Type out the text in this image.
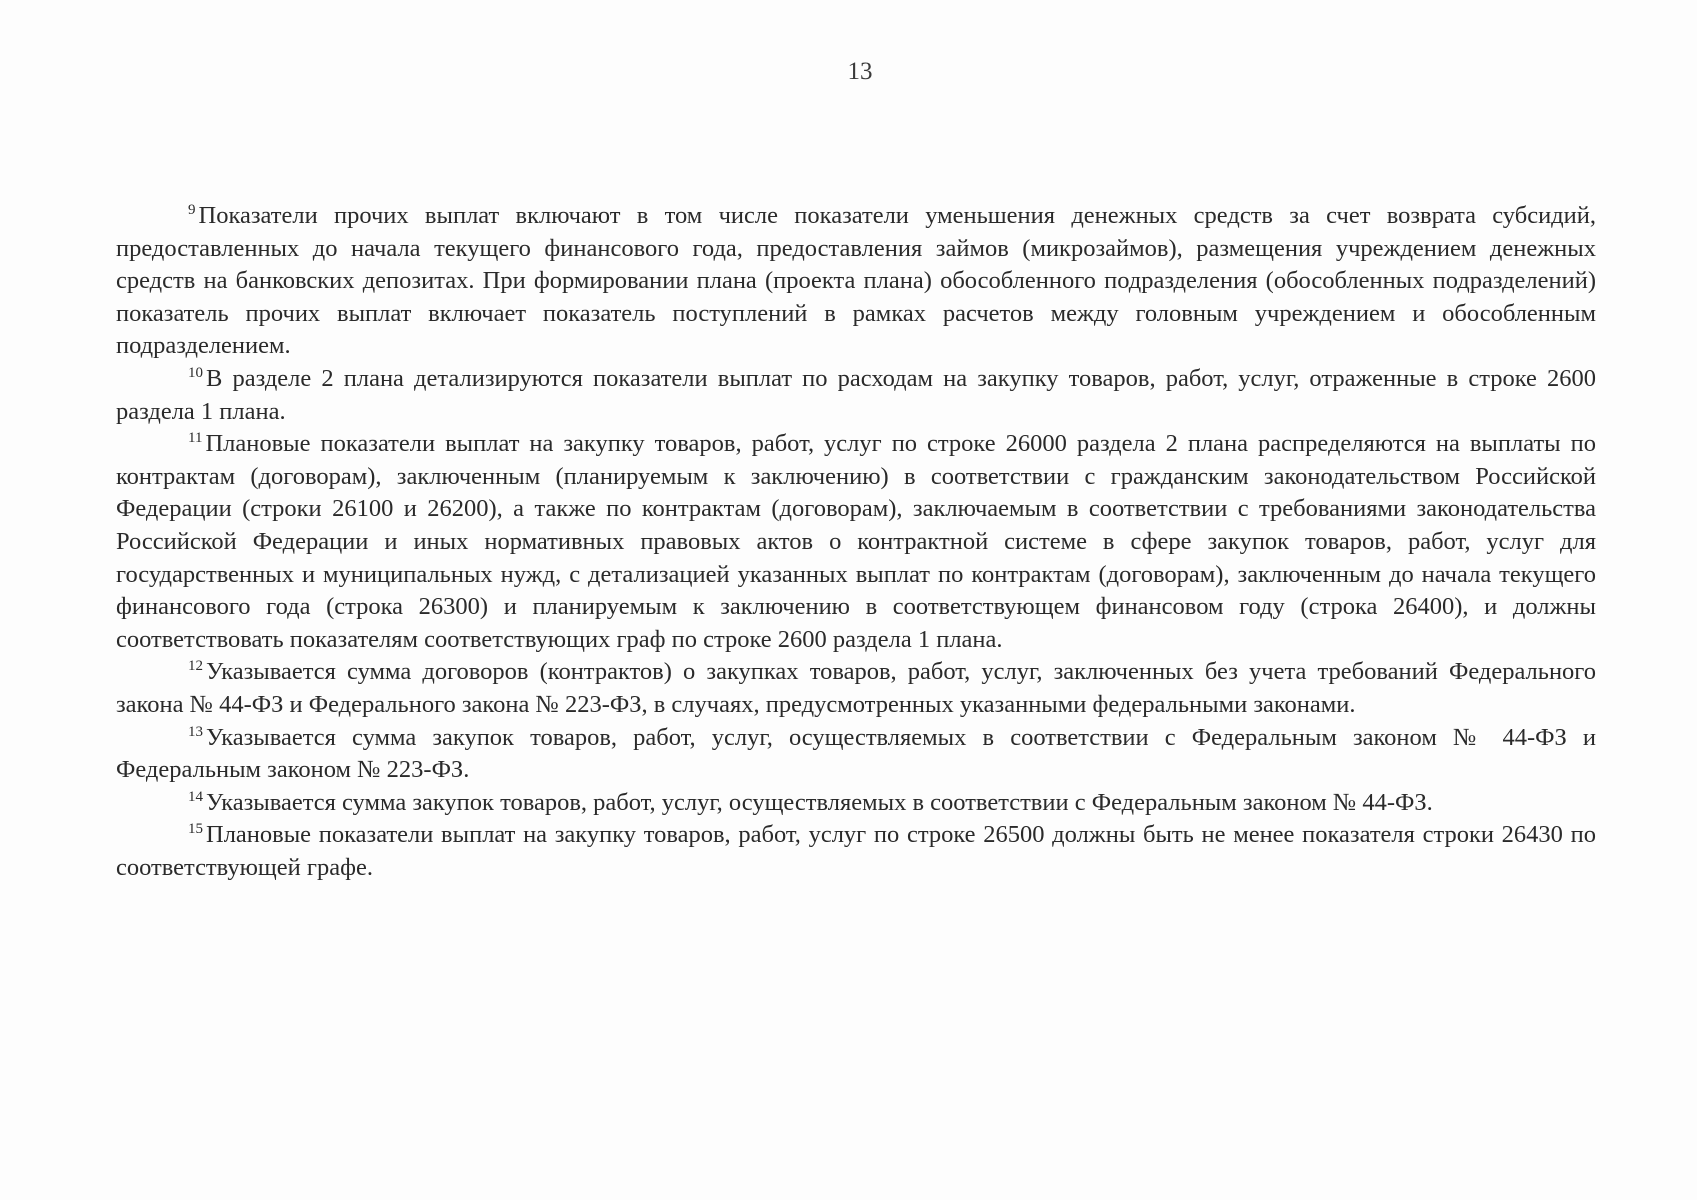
13

$^9$ Показатели прочих выплат включают в том числе показатели уменьшения денежных средств за счет возврата субсидий, предоставленных до начала текущего финансового года, предоставления займов (микрозаймов), размещения учреждением денежных средств на банковских депозитах. При формировании плана (проекта плана) обособленного подразделения (обособленных подразделений) показатель прочих выплат включает показатель поступлений в рамках расчетов между головным учреждением и обособленным подразделением.

$^{10}$ В разделе 2 плана детализируются показатели выплат по расходам на закупку товаров, работ, услуг, отраженные в строке 2600 раздела 1 плана.

$^{11}$ Плановые показатели выплат на закупку товаров, работ, услуг по строке 26000 раздела 2 плана распределяются на выплаты по контрактам (договорам), заключенным (планируемым к заключению) в соответствии с гражданским законодательством Российской Федерации (строки 26100 и 26200), а также по контрактам (договорам), заключаемым в соответствии с требованиями законодательства Российской Федерации и иных нормативных правовых актов о контрактной системе в сфере закупок товаров, работ, услуг для государственных и муниципальных нужд, с детализацией указанных выплат по контрактам (договорам), заключенным до начала текущего финансового года (строка 26300) и планируемым к заключению в соответствующем финансовом году (строка 26400), и должны соответствовать показателям соответствующих граф по строке 2600 раздела 1 плана.

$^{12}$ Указывается сумма договоров (контрактов) о закупках товаров, работ, услуг, заключенных без учета требований Федерального закона № 44-ФЗ и Федерального закона № 223-ФЗ, в случаях, предусмотренных указанными федеральными законами.

$^{13}$ Указывается сумма закупок товаров, работ, услуг, осуществляемых в соответствии с Федеральным законом № 44-ФЗ и Федеральным законом № 223-ФЗ.

$^{14}$ Указывается сумма закупок товаров, работ, услуг, осуществляемых в соответствии с Федеральным законом № 44-ФЗ.

$^{15}$ Плановые показатели выплат на закупку товаров, работ, услуг по строке 26500 должны быть не менее показателя строки 26430 по соответствующей графе.
